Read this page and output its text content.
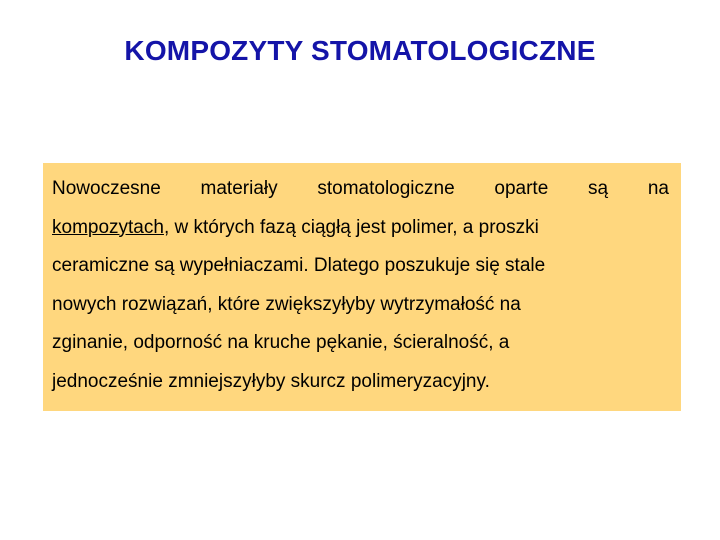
KOMPOZYTY STOMATOLOGICZNE
Nowoczesne materiały stomatologiczne oparte są na
kompozytach, w których fazą ciągłą jest polimer, a proszki
ceramiczne są wypełniaczami. Dlatego poszukuje się stale
nowych rozwiązań, które zwiększyłyby wytrzymałość na
zginanie, odporność na kruche pękanie, ścieralność, a
jednocześnie zmniejszyłyby skurcz polimeryzacyjny.
